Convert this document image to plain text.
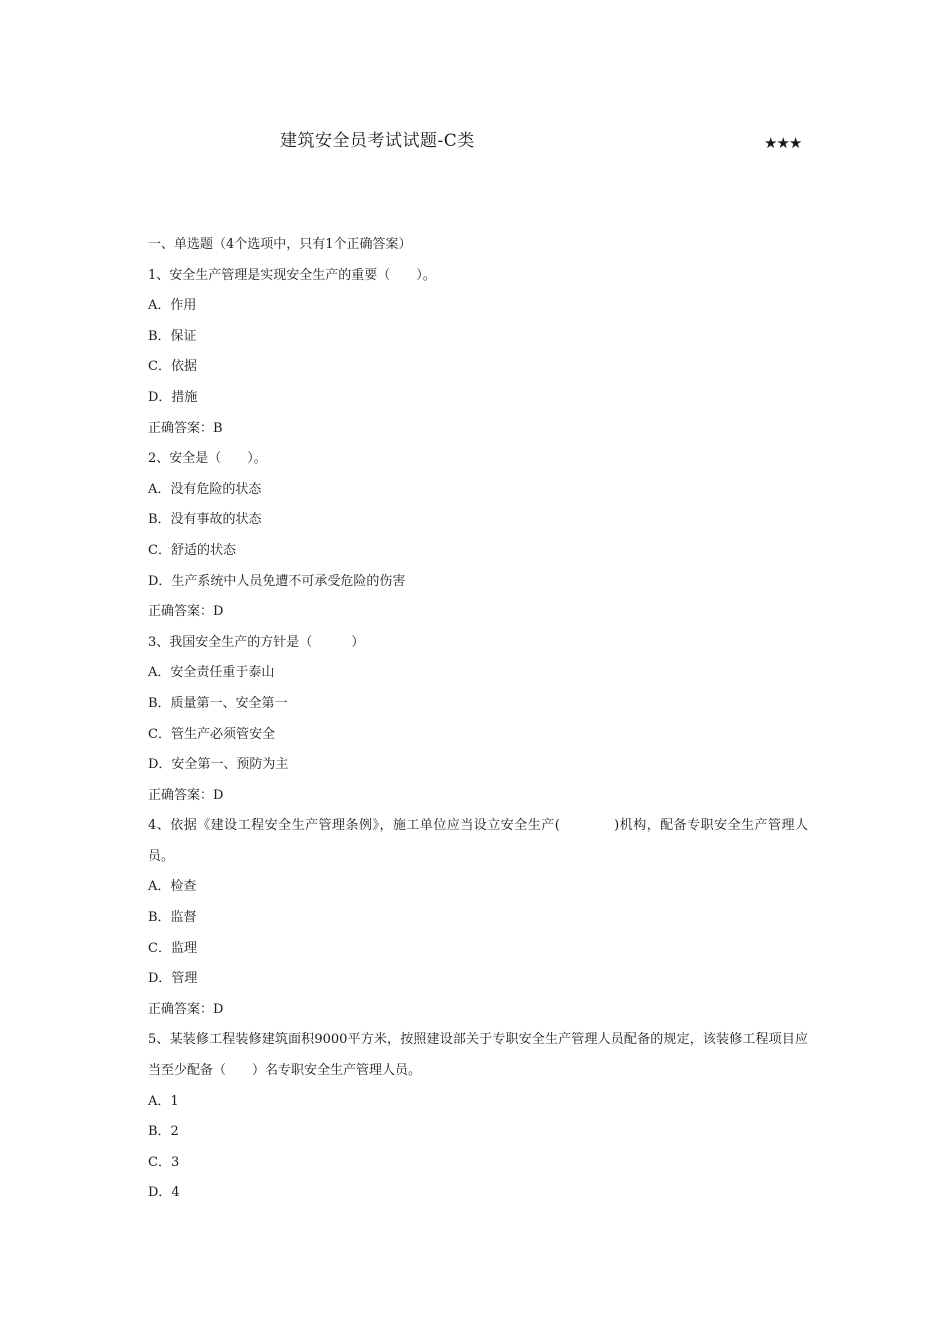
建筑安全员考试试题-C类	★★★
一、单选题（4个选项中，只有1个正确答案）
1、安全生产管理是实现安全生产的重要（　　）。
A．作用
B．保证
C．依据
D．措施
正确答案：B
2、安全是（　　）。
A．没有危险的状态
B．没有事故的状态
C．舒适的状态
D．生产系统中人员免遭不可承受危险的伤害
正确答案：D
3、我国安全生产的方针是（　　　）
A．安全责任重于泰山
B．质量第一、安全第一
C．管生产必须管安全
D．安全第一、预防为主
正确答案：D
4、依据《建设工程安全生产管理条例》，施工单位应当设立安全生产(　　　　)机构，配备专职安全生产管理人员。
A．检查
B．监督
C．监理
D．管理
正确答案：D
5、某装修工程装修建筑面积9000平方米，按照建设部关于专职安全生产管理人员配备的规定，该装修工程项目应当至少配备（　　）名专职安全生产管理人员。
A．1
B．2
C．3
D．4
